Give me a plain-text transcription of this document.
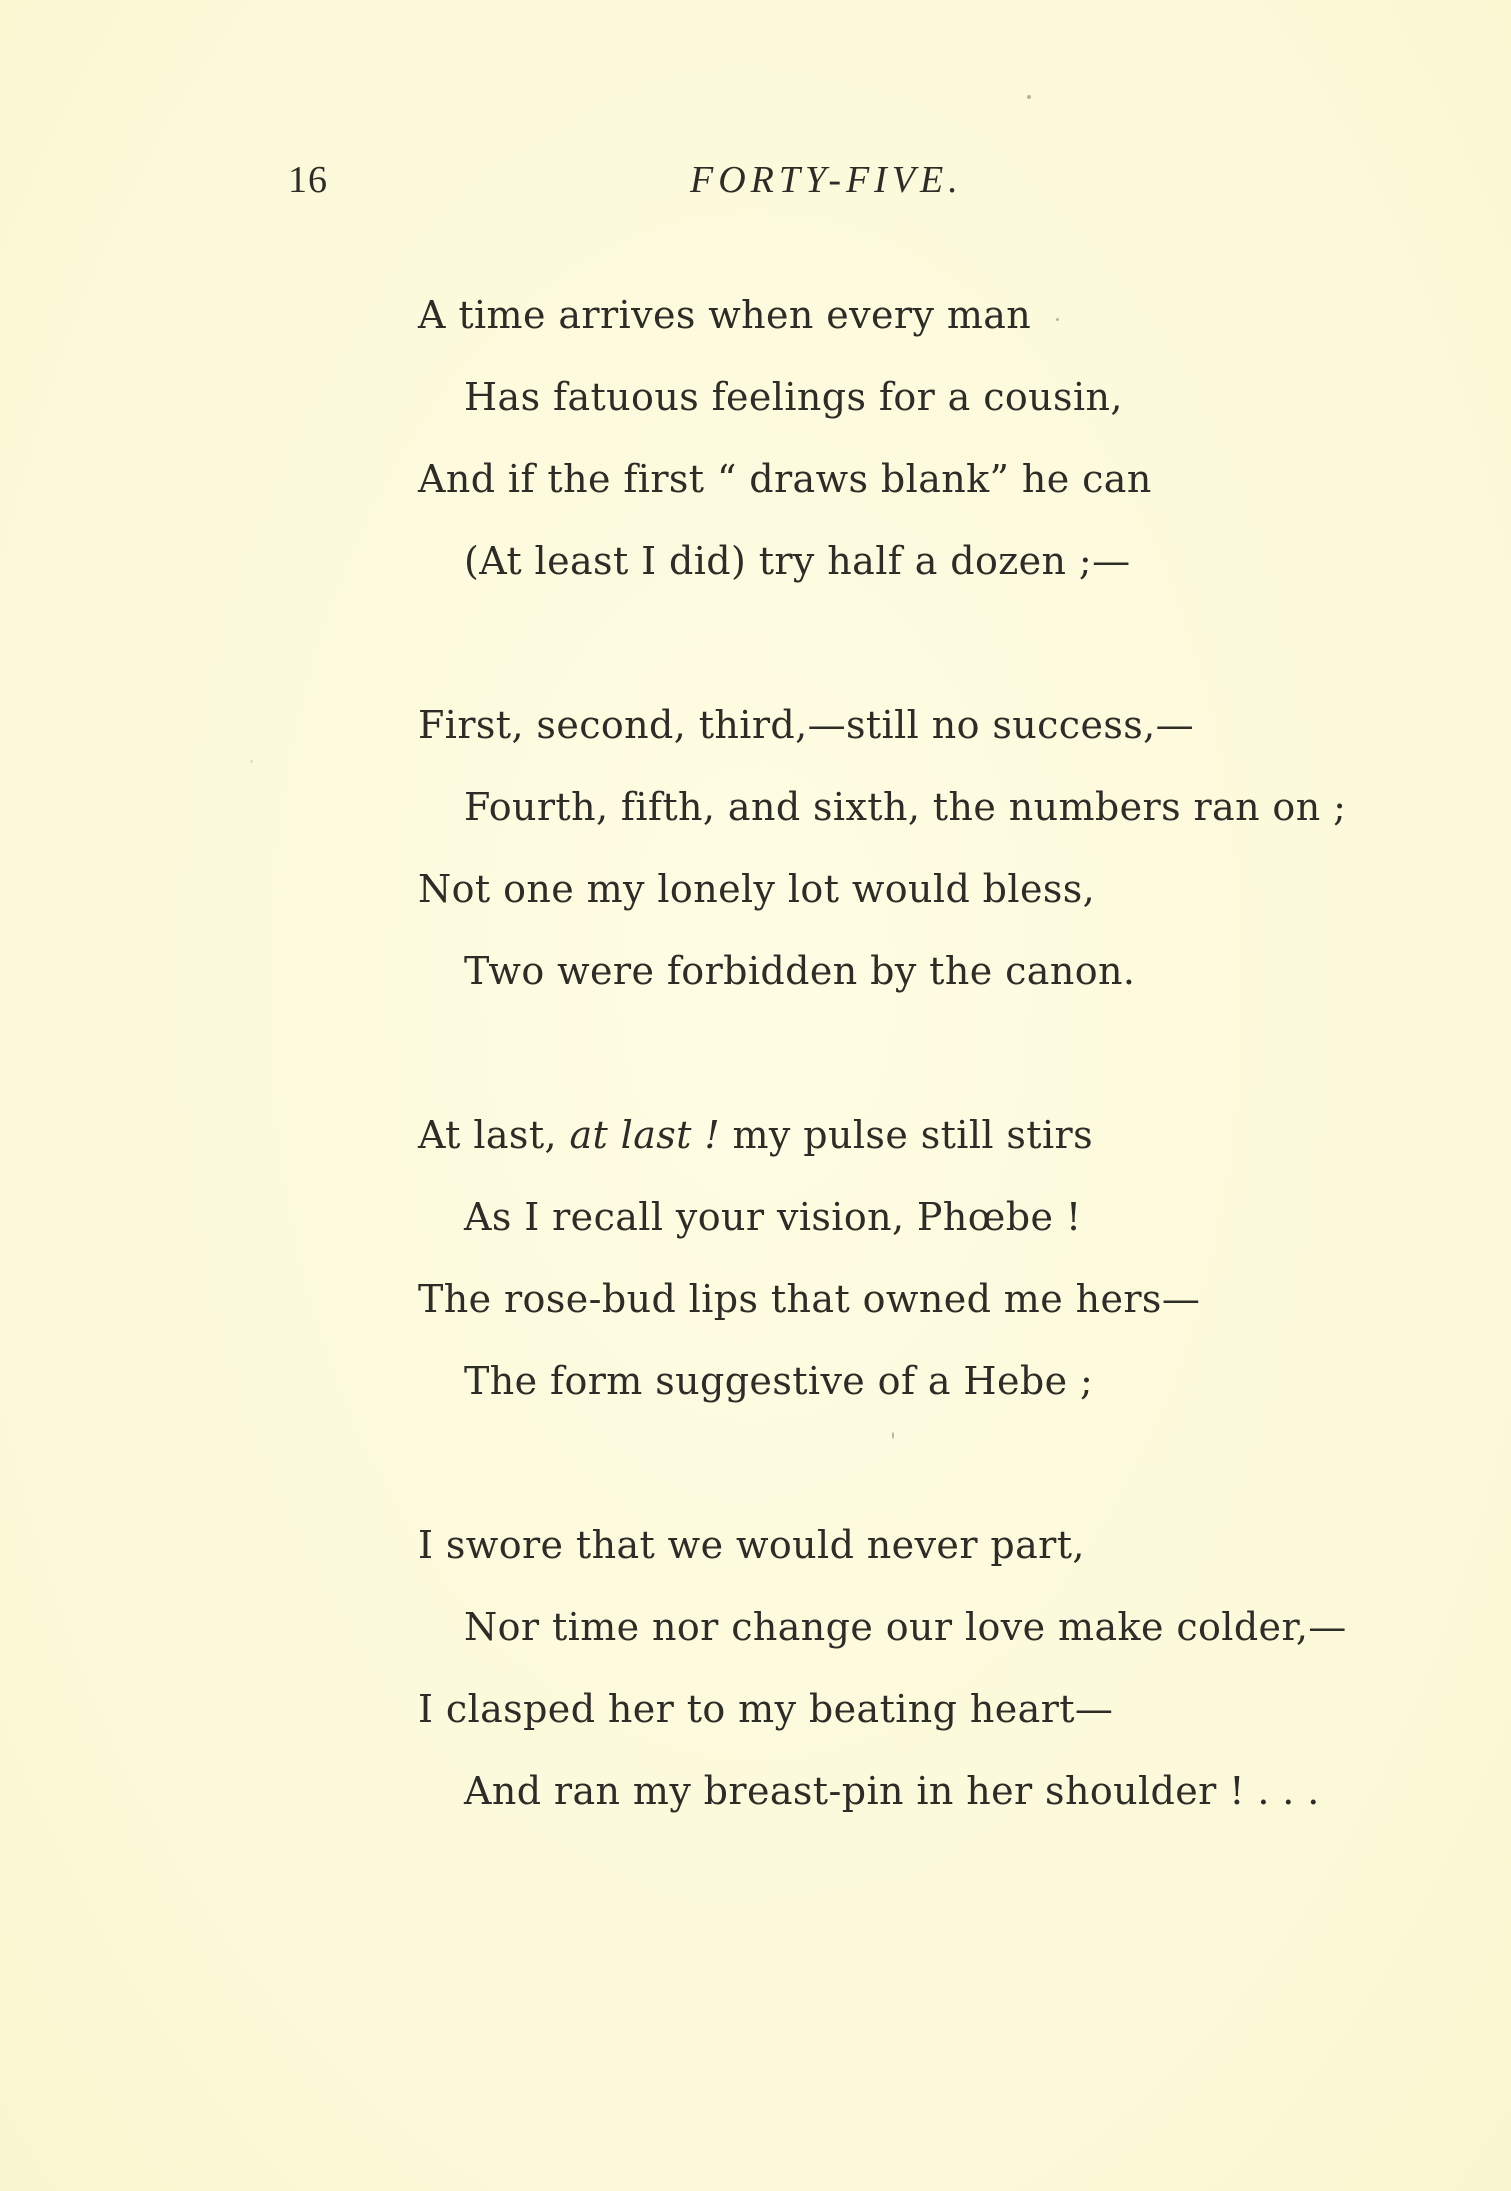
16	FORTY-FIVE.
A time arrives when every man
Has fatuous feelings for a cousin,
And if the first “ draws blank” he can
(At least I did) try half a dozen ;—
First, second, third,—still no success,—
Fourth, fifth, and sixth, the numbers ran on ;
Not one my lonely lot would bless,
Two were forbidden by the canon.
At last, at last ! my pulse still stirs
As I recall your vision, Phœbe !
The rose-bud lips that owned me hers—
The form suggestive of a Hebe ;
I swore that we would never part,
Nor time nor change our love make colder,—
I clasped her to my beating heart—
And ran my breast-pin in her shoulder ! . . .
